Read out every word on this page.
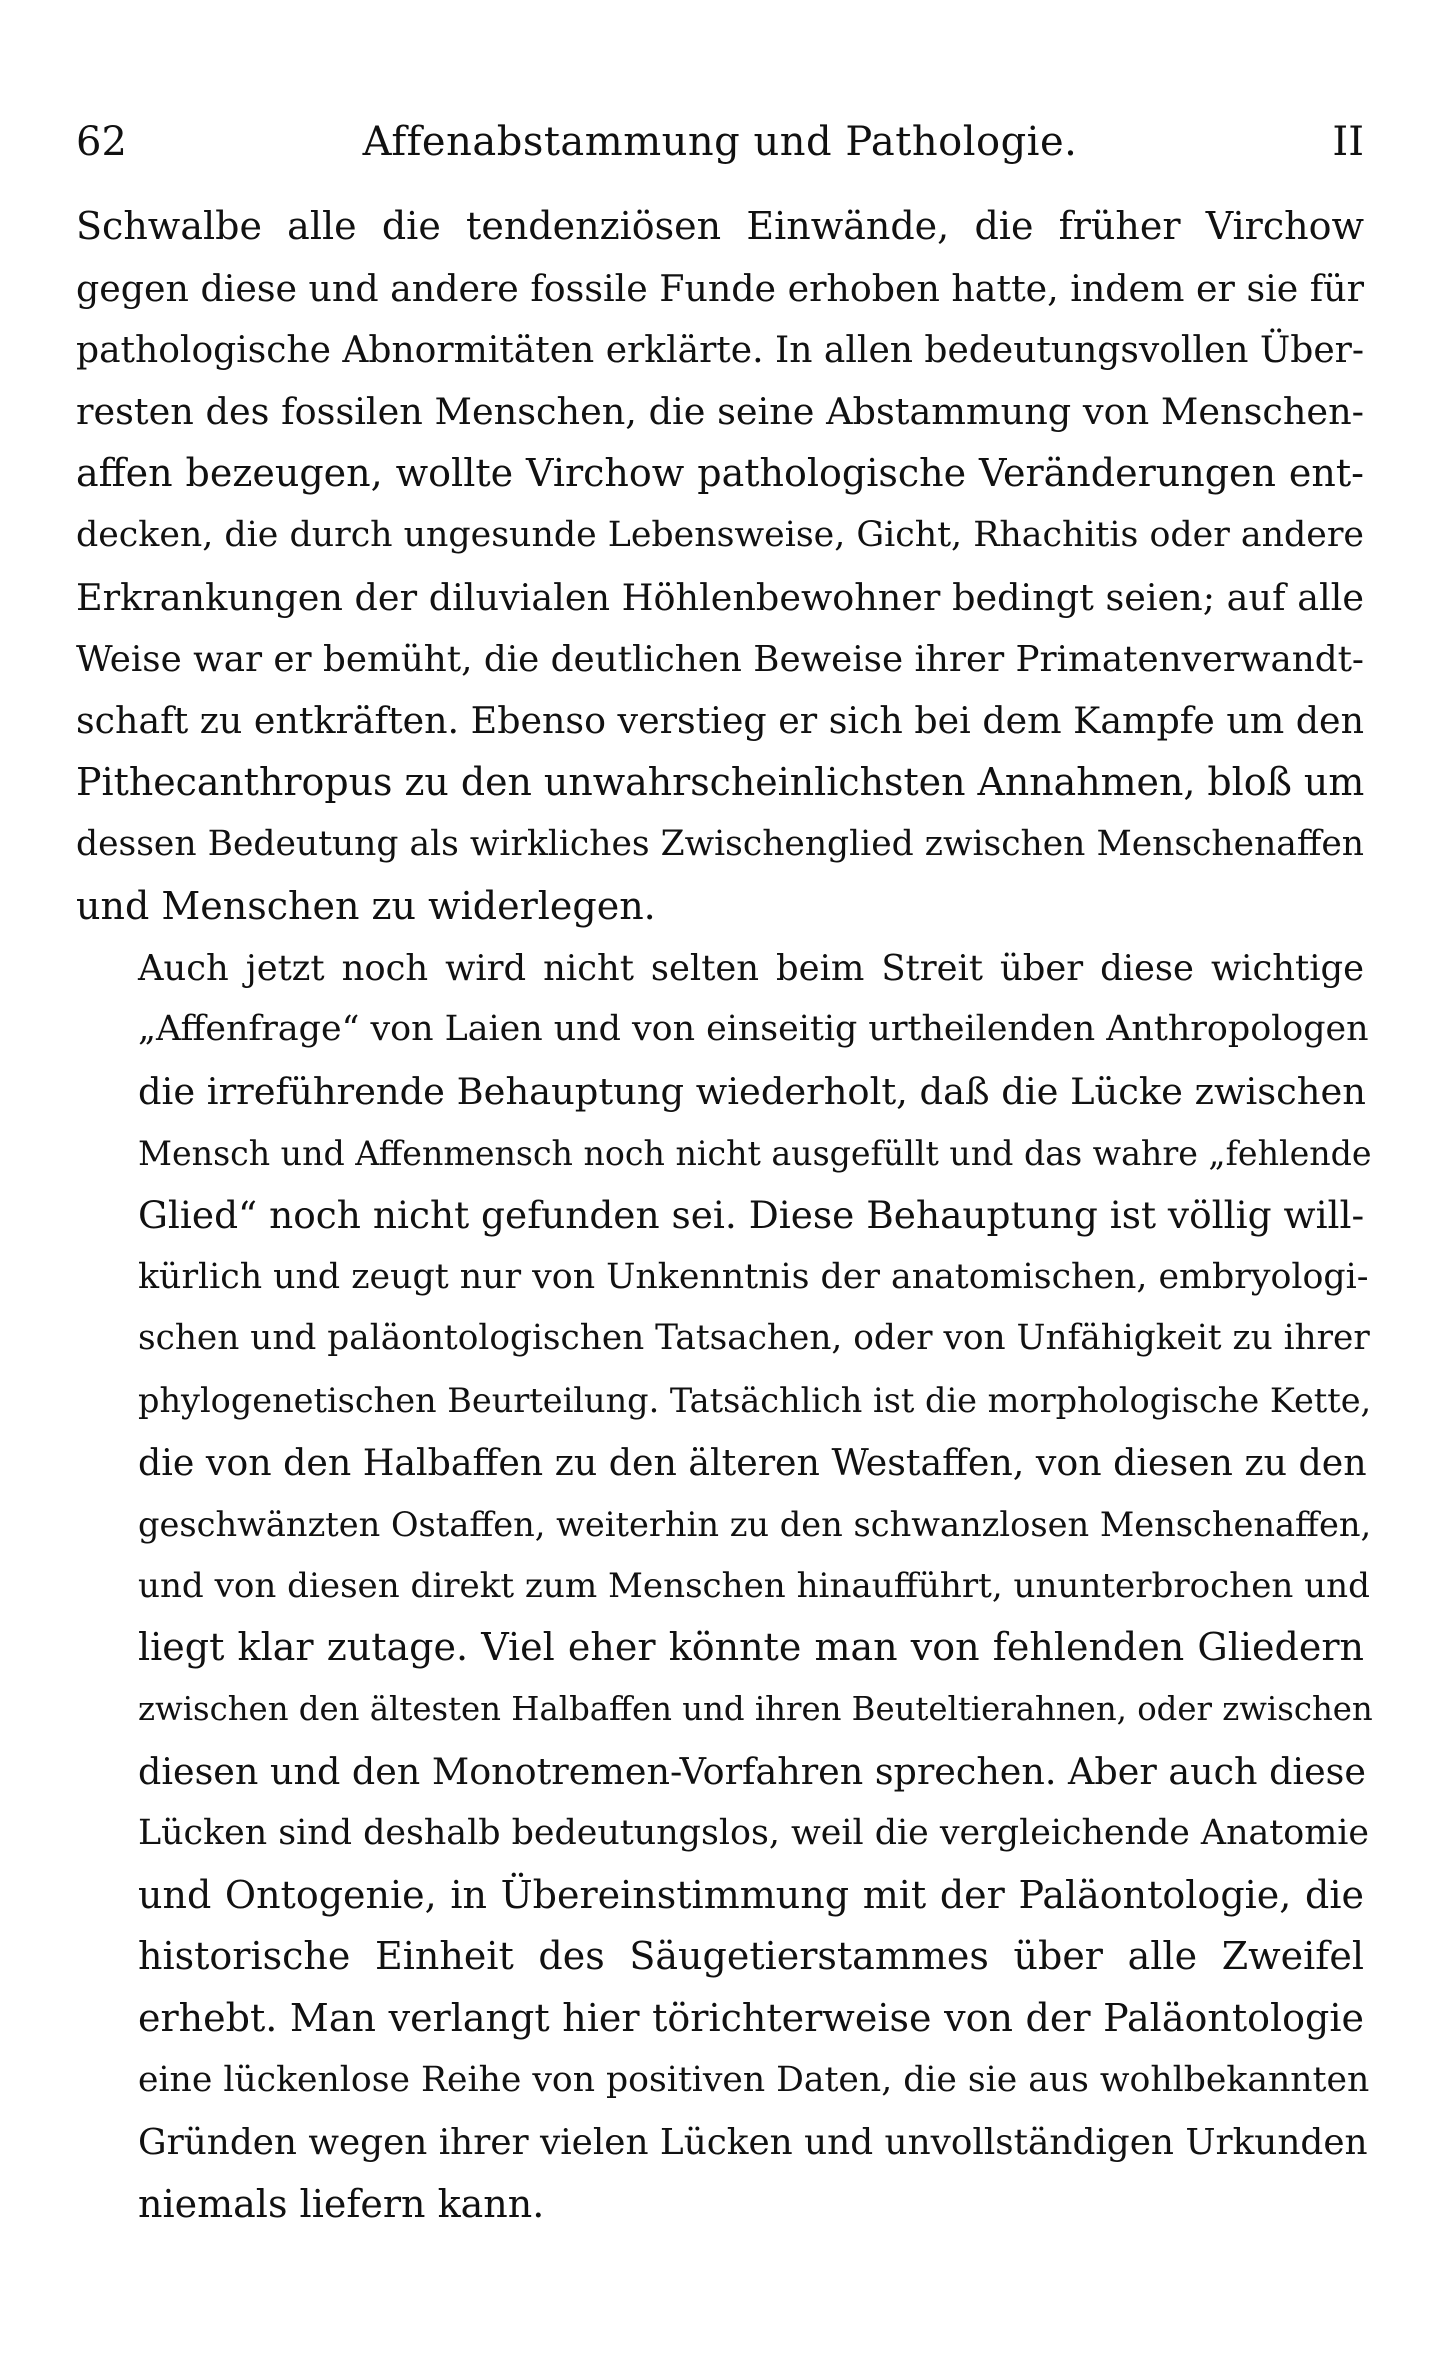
62	Affenabstammung und Pathologie.	II

Schwalbe alle die tendenziösen Einwände, die früher Virchow
gegen diese und andere fossile Funde erhoben hatte, indem er sie für
pathologische Abnormitäten erklärte. In allen bedeutungsvollen Über-
resten des fossilen Menschen, die seine Abstammung von Menschen-
affen bezeugen, wollte Virchow pathologische Veränderungen ent-
decken, die durch ungesunde Lebensweise, Gicht, Rhachitis oder andere
Erkrankungen der diluvialen Höhlenbewohner bedingt seien; auf alle
Weise war er bemüht, die deutlichen Beweise ihrer Primatenverwandt-
schaft zu entkräften. Ebenso verstieg er sich bei dem Kampfe um den
Pithecanthropus zu den unwahrscheinlichsten Annahmen, bloß um
dessen Bedeutung als wirkliches Zwischenglied zwischen Menschenaffen
und Menschen zu widerlegen.

Auch jetzt noch wird nicht selten beim Streit über diese wichtige
„Affenfrage“ von Laien und von einseitig urtheilenden Anthropologen
die irreführende Behauptung wiederholt, daß die Lücke zwischen
Mensch und Affenmensch noch nicht ausgefüllt und das wahre „fehlende
Glied“ noch nicht gefunden sei. Diese Behauptung ist völlig will-
kürlich und zeugt nur von Unkenntnis der anatomischen, embryologi-
schen und paläontologischen Tatsachen, oder von Unfähigkeit zu ihrer
phylogenetischen Beurteilung. Tatsächlich ist die morphologische Kette,
die von den Halbaffen zu den älteren Westaffen, von diesen zu den
geschwänzten Ostaffen, weiterhin zu den schwanzlosen Menschenaffen,
und von diesen direkt zum Menschen hinaufführt, ununterbrochen und
liegt klar zutage. Viel eher könnte man von fehlenden Gliedern
zwischen den ältesten Halbaffen und ihren Beuteltierahnen, oder zwischen
diesen und den Monotremen-Vorfahren sprechen. Aber auch diese
Lücken sind deshalb bedeutungslos, weil die vergleichende Anatomie
und Ontogenie, in Übereinstimmung mit der Paläontologie, die
historische Einheit des Säugetierstammes über alle Zweifel
erhebt. Man verlangt hier törichterweise von der Paläontologie
eine lückenlose Reihe von positiven Daten, die sie aus wohlbekannten
Gründen wegen ihrer vielen Lücken und unvollständigen Urkunden
niemals liefern kann.
